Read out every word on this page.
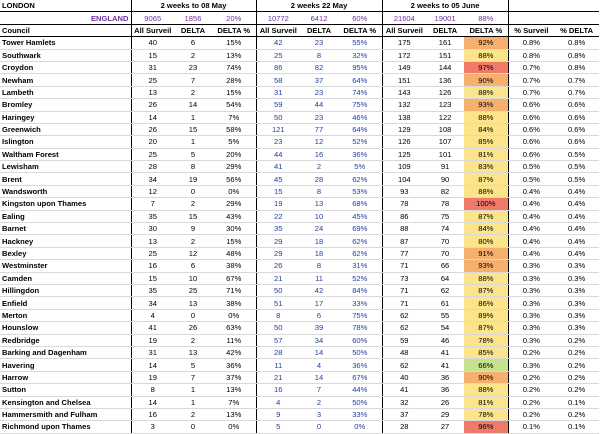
LONDON	2 weeks to 08 May			2 weeks 22 May			2 weeks to 05 June				
ENGLAND	9065	1856	20%	10772	6412	60%	21604	19001	88%		
Council	All Surveil	DELTA	DELTA %	All Surveil	DELTA	DELTA %	All Surveil	DELTA	DELTA %	% Surveil	% DELTA
Tower Hamlets	40	6	15%	42	23	55%	175	161	92%	0.8%	0.8%
Southwark	15	2	13%	25	8	32%	172	151	88%	0.8%	0.8%
Croydon	31	23	74%	86	82	95%	149	144	97%	0.7%	0.8%
Newham	25	7	28%	58	37	64%	151	136	90%	0.7%	0.7%
Lambeth	13	2	15%	31	23	74%	143	126	88%	0.7%	0.7%
Bromley	26	14	54%	59	44	75%	132	123	93%	0.6%	0.6%
Haringey	14	1	7%	50	23	46%	138	122	88%	0.6%	0.6%
Greenwich	26	15	58%	121	77	64%	129	108	84%	0.6%	0.6%
Islington	20	1	5%	23	12	52%	126	107	85%	0.6%	0.6%
Waltham Forest	25	5	20%	44	16	36%	125	101	81%	0.6%	0.5%
Lewisham	28	8	29%	41	2	5%	109	91	83%	0.5%	0.5%
Brent	34	19	56%	45	28	62%	104	90	87%	0.5%	0.5%
Wandsworth	12	0	0%	15	8	53%	93	82	88%	0.4%	0.4%
Kingston upon Thames	7	2	29%	19	13	68%	78	78	100%	0.4%	0.4%
Ealing	35	15	43%	22	10	45%	86	75	87%	0.4%	0.4%
Barnet	30	9	30%	35	24	69%	88	74	84%	0.4%	0.4%
Hackney	13	2	15%	29	18	62%	87	70	80%	0.4%	0.4%
Bexley	25	12	48%	29	18	62%	77	70	91%	0.4%	0.4%
Westminster	16	6	38%	26	8	31%	71	66	93%	0.3%	0.3%
Camden	15	10	67%	21	11	52%	73	64	88%	0.3%	0.3%
Hillingdon	35	25	71%	50	42	84%	71	62	87%	0.3%	0.3%
Enfield	34	13	38%	51	17	33%	71	61	86%	0.3%	0.3%
Merton	4	0	0%	8	6	75%	62	55	89%	0.3%	0.3%
Hounslow	41	26	63%	50	39	78%	62	54	87%	0.3%	0.3%
Redbridge	19	2	11%	57	34	60%	59	46	78%	0.3%	0.2%
Barking and Dagenham	31	13	42%	28	14	50%	48	41	85%	0.2%	0.2%
Havering	14	5	36%	11	4	36%	62	41	66%	0.3%	0.2%
Harrow	19	7	37%	21	14	67%	40	36	90%	0.2%	0.2%
Sutton	8	1	13%	16	7	44%	41	36	88%	0.2%	0.2%
Kensington and Chelsea	14	1	7%	4	2	50%	32	26	81%	0.2%	0.1%
Hammersmith and Fulham	16	2	13%	9	3	33%	37	29	78%	0.2%	0.2%
Richmond upon Thames	3	0	0%	5	0	0%	28	27	96%	0.1%	0.1%
